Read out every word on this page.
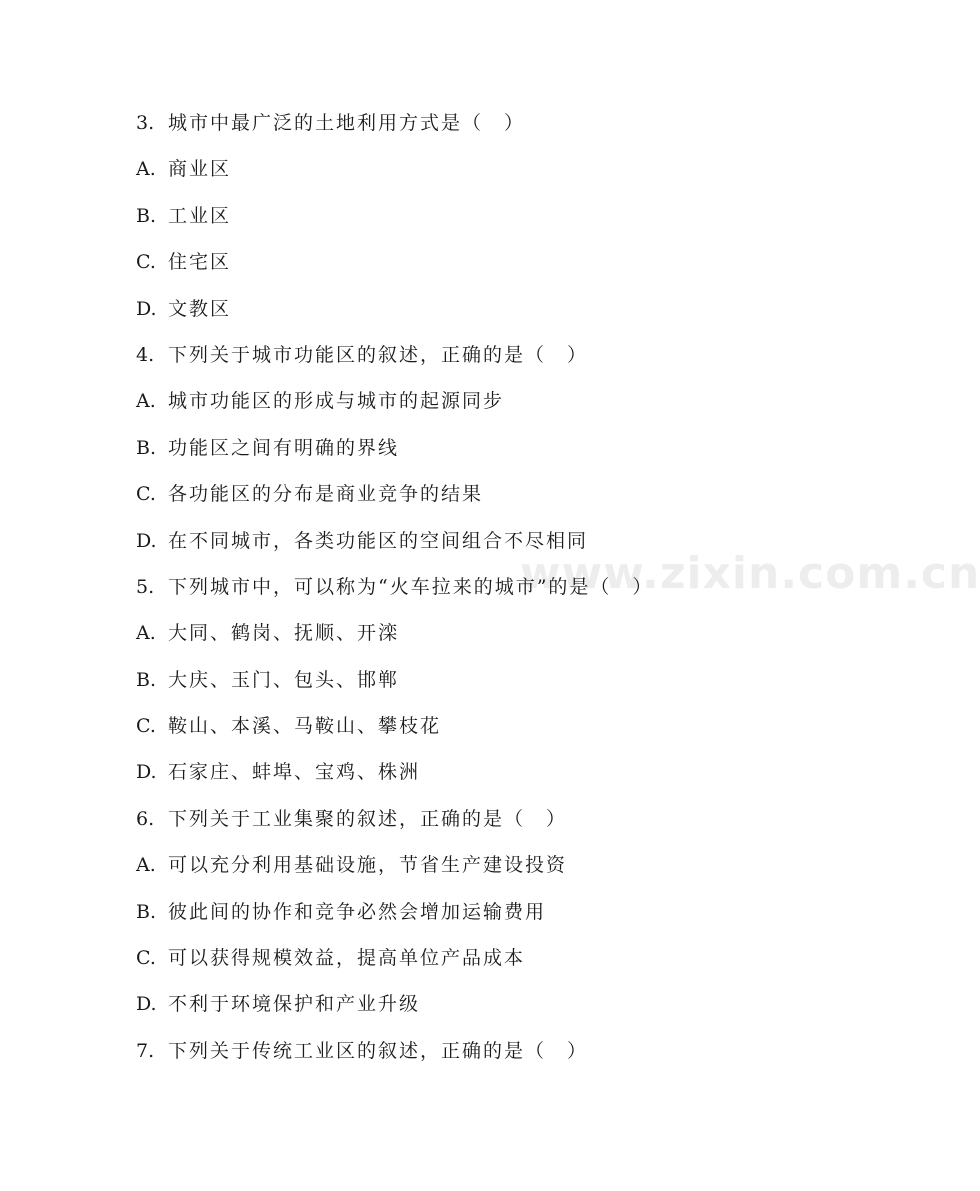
www.zixin.com.cn
3. 城市中最广泛的土地利用方式是（　）
A. 商业区
B. 工业区
C. 住宅区
D. 文教区
4. 下列关于城市功能区的叙述，正确的是（　）
A. 城市功能区的形成与城市的起源同步
B. 功能区之间有明确的界线
C. 各功能区的分布是商业竞争的结果
D. 在不同城市，各类功能区的空间组合不尽相同
5. 下列城市中，可以称为“火车拉来的城市”的是（　）
A. 大同、鹤岗、抚顺、开滦
B. 大庆、玉门、包头、邯郸
C. 鞍山、本溪、马鞍山、攀枝花
D. 石家庄、蚌埠、宝鸡、株洲
6. 下列关于工业集聚的叙述，正确的是（　）
A. 可以充分利用基础设施，节省生产建设投资
B. 彼此间的协作和竞争必然会增加运输费用
C. 可以获得规模效益，提高单位产品成本
D. 不利于环境保护和产业升级
7. 下列关于传统工业区的叙述，正确的是（　）
